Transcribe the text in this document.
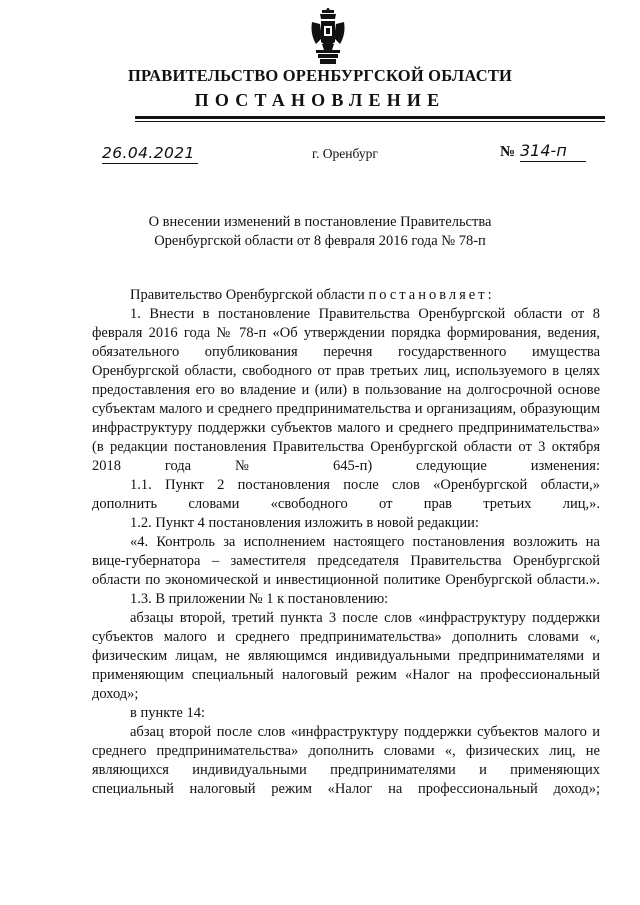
ПРАВИТЕЛЬСТВО ОРЕНБУРГСКОЙ ОБЛАСТИ
ПОСТАНОВЛЕНИЕ
26.04.2021	г. Оренбург	№ 314-п
О внесении изменений в постановление Правительства
Оренбургской области от 8 февраля 2016 года № 78-п

Правительство Оренбургской области постановляет:

1. Внести в постановление Правительства Оренбургской области от 8 февраля 2016 года № 78-п «Об утверждении порядка формирования, ведения, обязательного опубликования перечня государственного имущества Оренбургской области, свободного от прав третьих лиц, используемого в целях предоставления его во владение и (или) в пользование на долгосрочной основе субъектам малого и среднего предпринимательства и организациям, образующим инфраструктуру поддержки субъектов малого и среднего предпринимательства» (в редакции постановления Правительства Оренбургской области от 3 октября 2018 года № 645-п) следующие	изменения:
1.1. Пункт 2 постановления после слов «Оренбургской области,» дополнить словами «свободного от прав третьих лиц,».

1.2. Пункт 4 постановления изложить в новой редакции:

«4. Контроль за исполнением настоящего постановления возложить на вице-губернатора – заместителя председателя Правительства Оренбургской области по экономической и инвестиционной политике Оренбургской области.».

1.3. В приложении № 1 к постановлению:

абзацы второй, третий пункта 3 после слов «инфраструктуру поддержки субъектов малого и среднего предпринимательства» дополнить словами «, физическим лицам, не являющимся индивидуальными предпринимателями и применяющим специальный налоговый режим «Налог на профессиональный доход»;

в пункте 14:

абзац второй после слов «инфраструктуру поддержки субъектов малого и среднего предпринимательства» дополнить словами «, физических лиц, не являющихся индивидуальными предпринимателями и применяющих специальный налоговый режим «Налог на профессиональный доход»;
